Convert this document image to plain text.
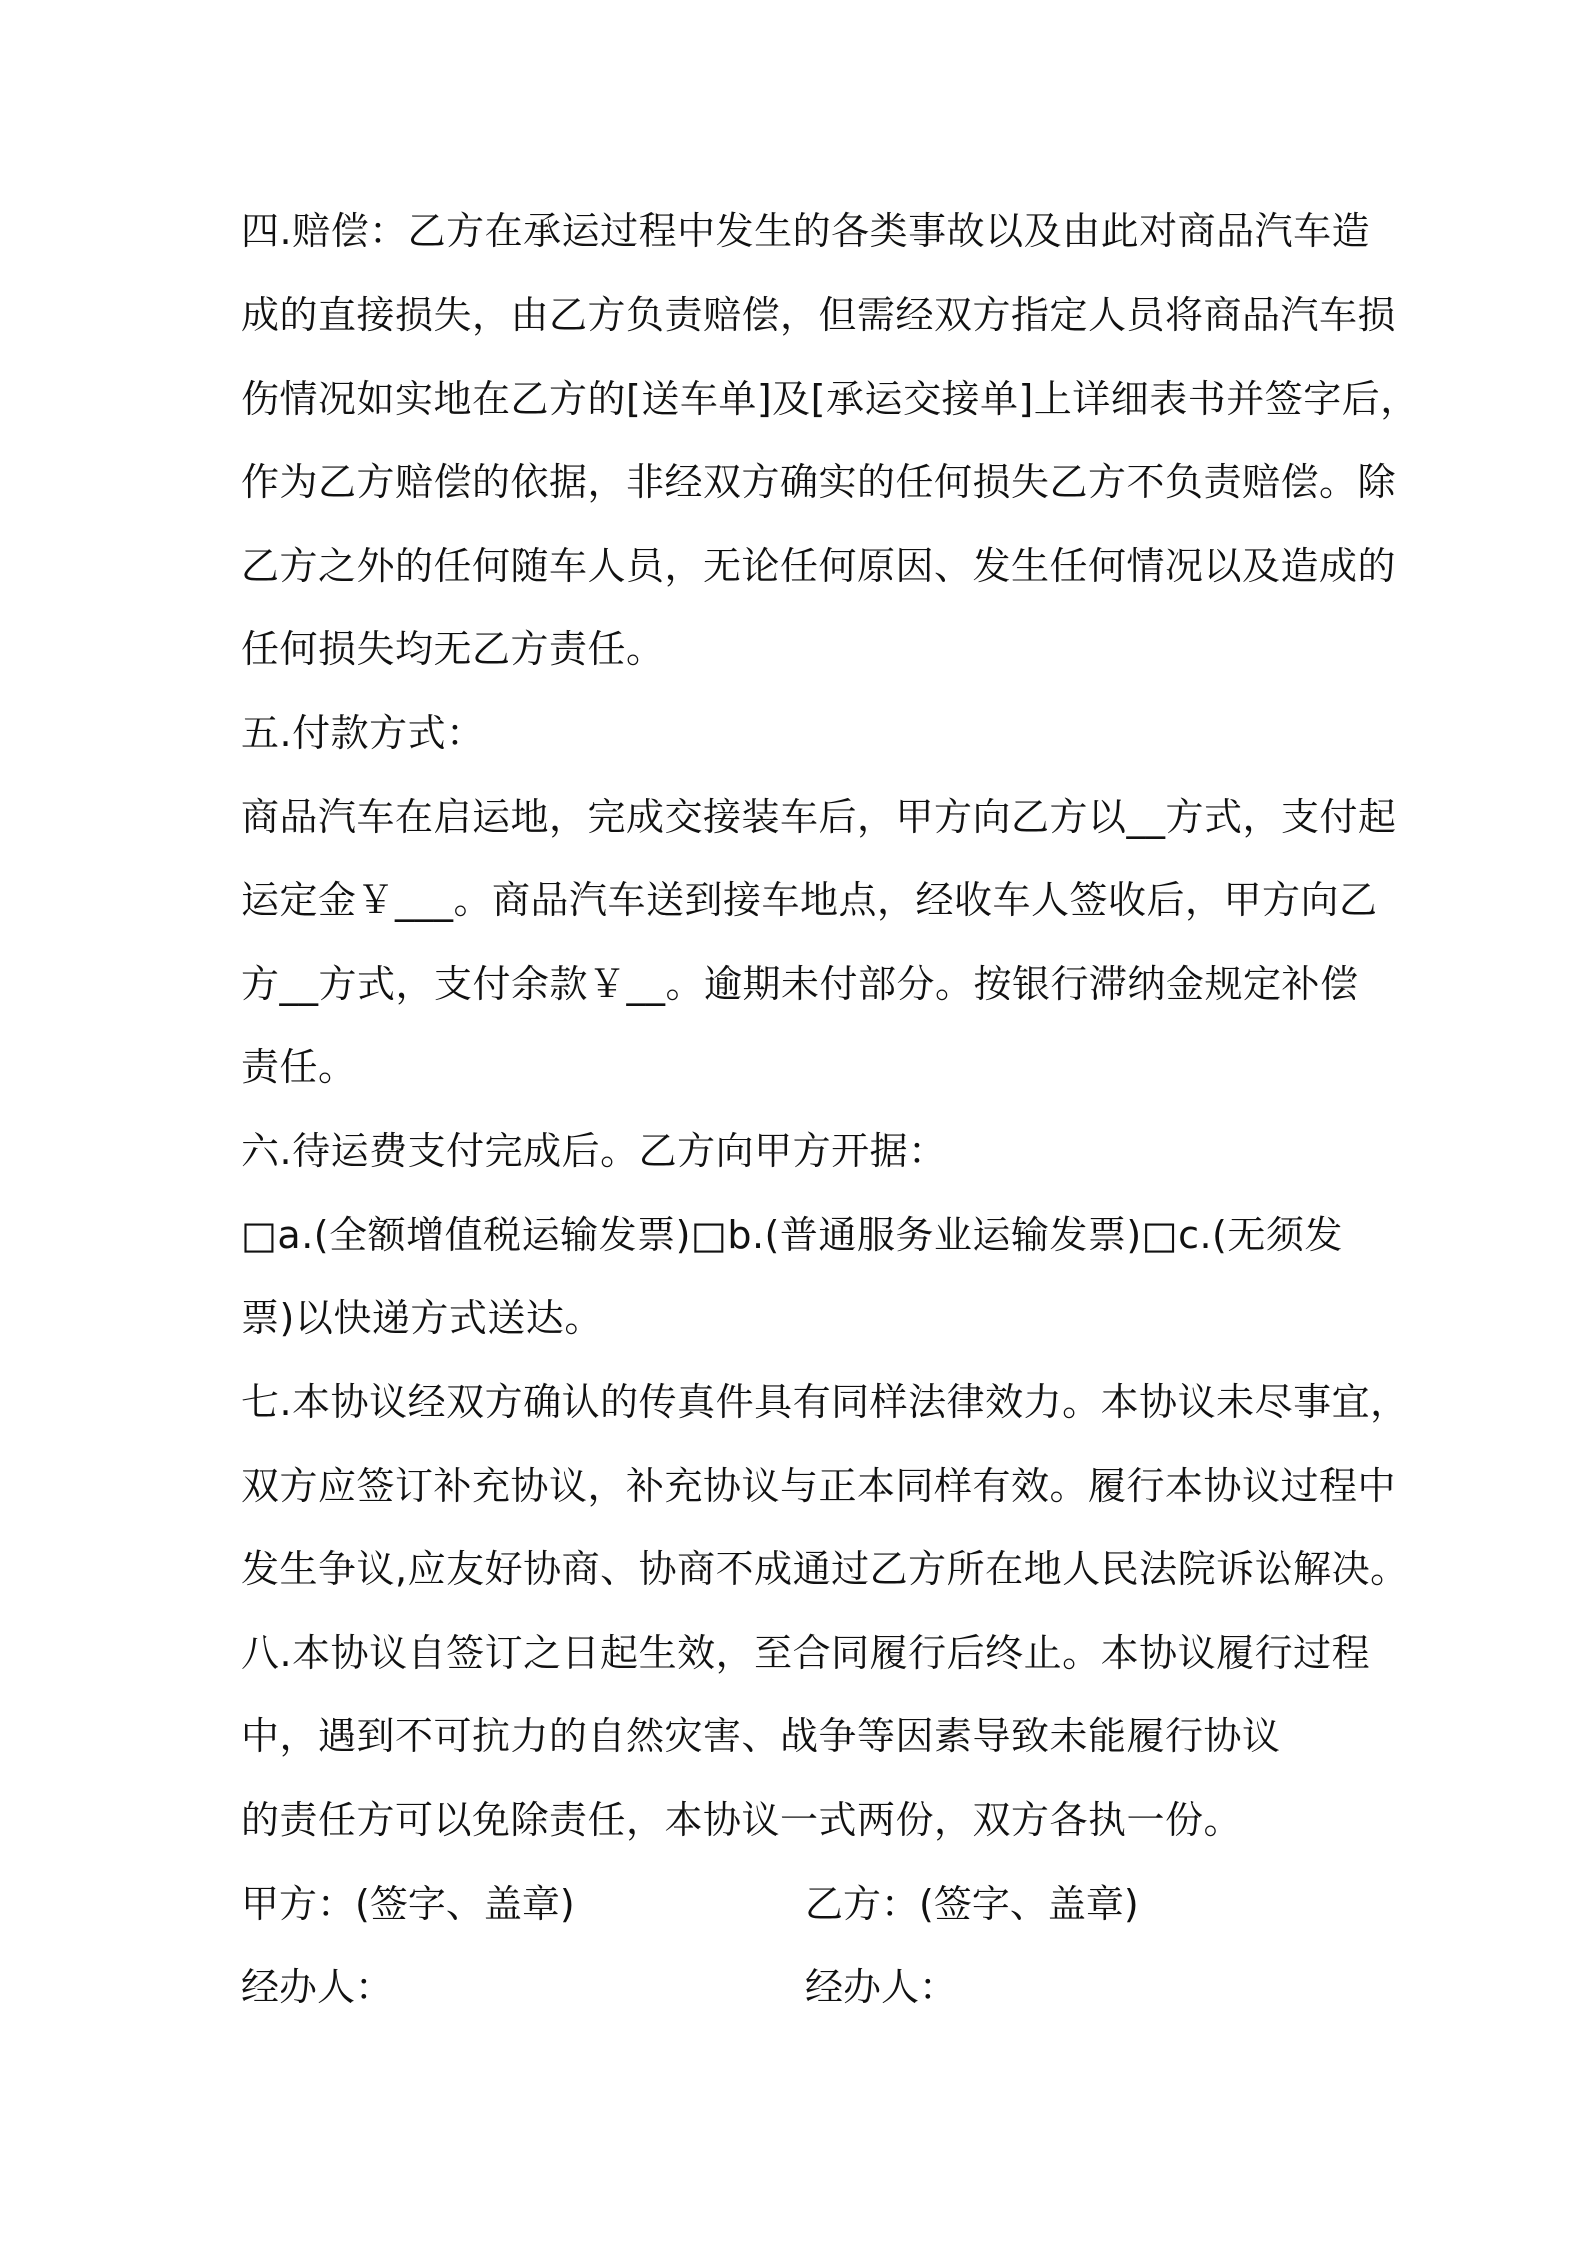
四.赔偿：乙方在承运过程中发生的各类事故以及由此对商品汽车造
成的直接损失，由乙方负责赔偿，但需经双方指定人员将商品汽车损
伤情况如实地在乙方的[送车单]及[承运交接单]上详细表书并签字后，
作为乙方赔偿的依据，非经双方确实的任何损失乙方不负责赔偿。除
乙方之外的任何随车人员，无论任何原因、发生任何情况以及造成的
任何损失均无乙方责任。
五.付款方式：
商品汽车在启运地，完成交接装车后，甲方向乙方以__方式，支付起
运定金￥___。商品汽车送到接车地点，经收车人签收后，甲方向乙
方__方式，支付余款￥__。逾期未付部分。按银行滞纳金规定补偿
责任。
六.待运费支付完成后。乙方向甲方开据：
□a.(全额增值税运输发票)□b.(普通服务业运输发票)□c.(无须发
票)以快递方式送达。
七.本协议经双方确认的传真件具有同样法律效力。本协议未尽事宜，
双方应签订补充协议，补充协议与正本同样有效。履行本协议过程中
发生争议,应友好协商、协商不成通过乙方所在地人民法院诉讼解决。
八.本协议自签订之日起生效，至合同履行后终止。本协议履行过程
中，遇到不可抗力的自然灾害、战争等因素导致未能履行协议
的责任方可以免除责任，本协议一式两份，双方各执一份。
甲方：(签字、盖章)	乙方：(签字、盖章)
经办人：	经办人：
